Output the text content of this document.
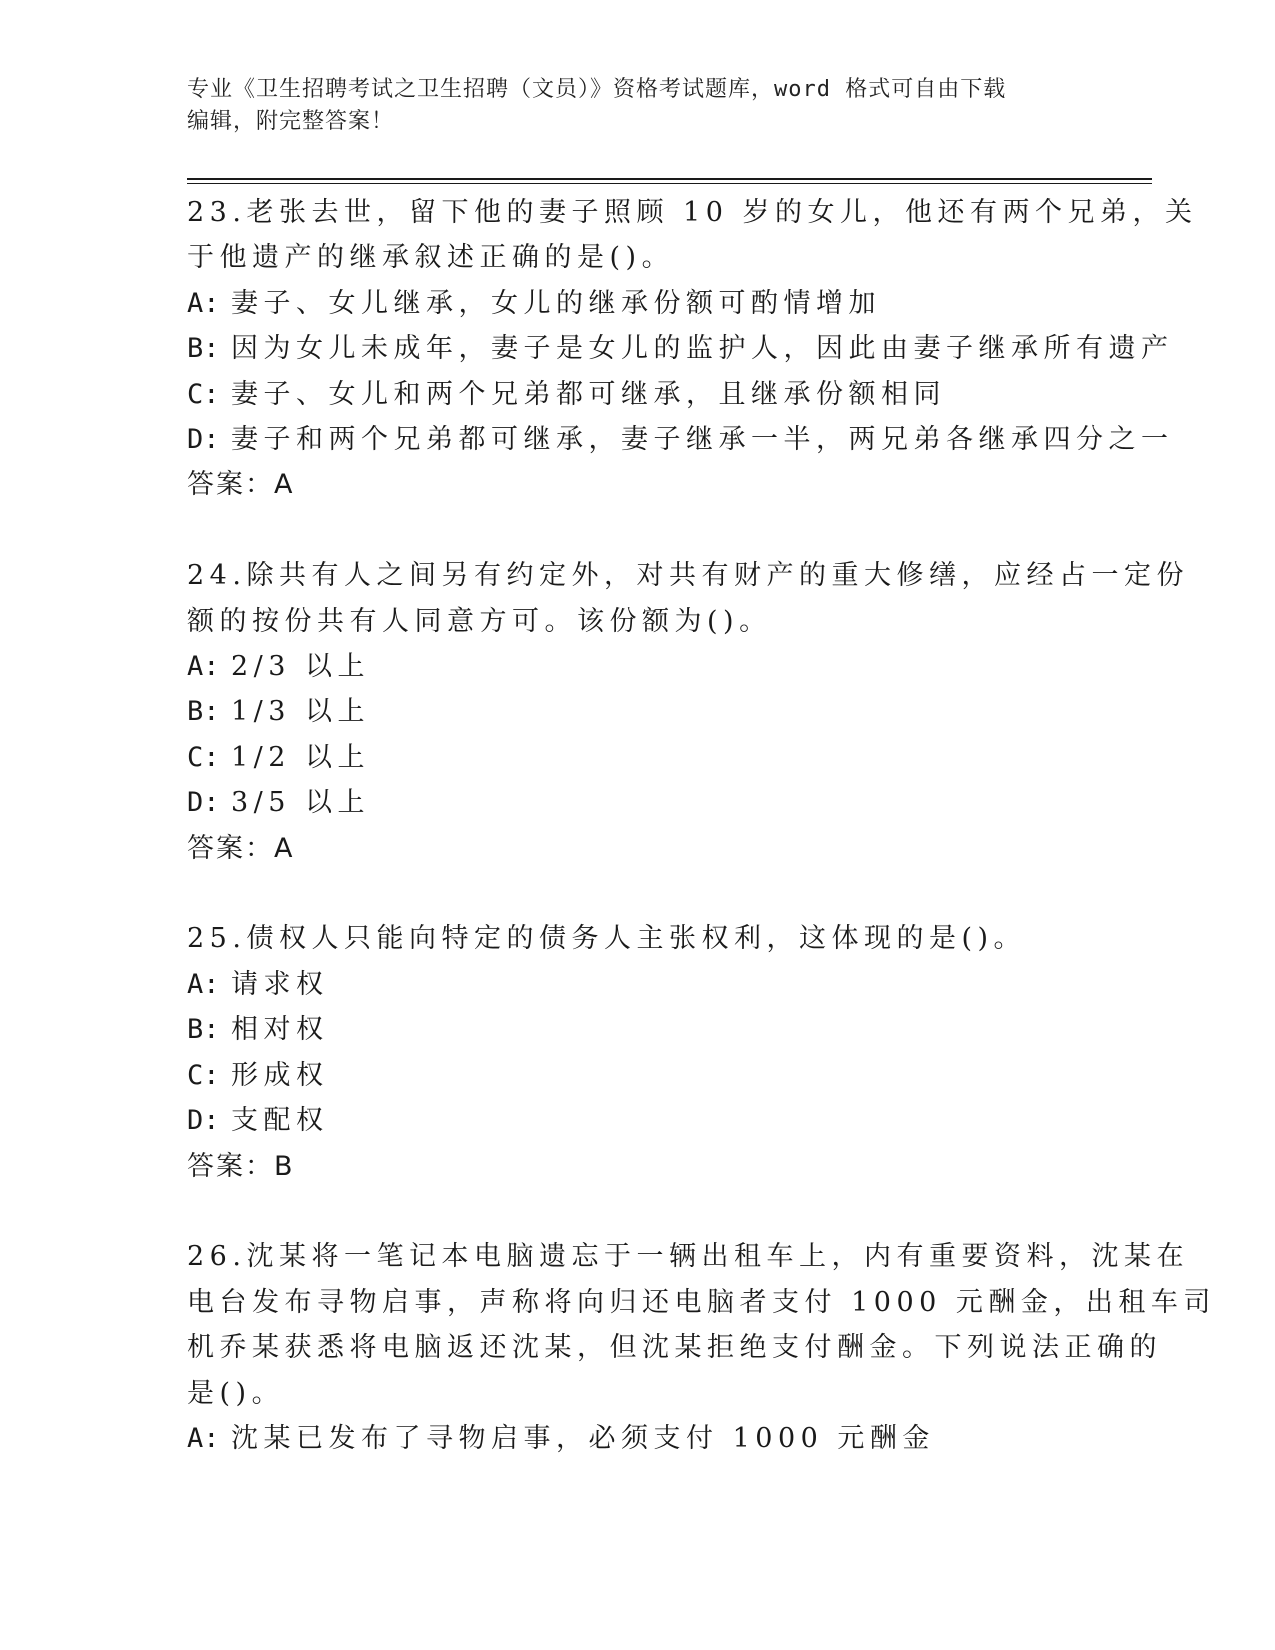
专业《卫生招聘考试之卫生招聘（文员）》资格考试题库，word 格式可自由下载
编辑，附完整答案！
23.老张去世，留下他的妻子照顾 10 岁的女儿，他还有两个兄弟，关
于他遗产的继承叙述正确的是()。
A: 妻子、女儿继承，女儿的继承份额可酌情增加
B: 因为女儿未成年，妻子是女儿的监护人，因此由妻子继承所有遗产
C: 妻子、女儿和两个兄弟都可继承，且继承份额相同
D: 妻子和两个兄弟都可继承，妻子继承一半，两兄弟各继承四分之一
答案：A
24.除共有人之间另有约定外，对共有财产的重大修缮，应经占一定份
额的按份共有人同意方可。该份额为()。
A: 2/3 以上
B: 1/3 以上
C: 1/2 以上
D: 3/5 以上
答案：A
25.债权人只能向特定的债务人主张权利，这体现的是()。
A: 请求权
B: 相对权
C: 形成权
D: 支配权
答案：B
26.沈某将一笔记本电脑遗忘于一辆出租车上，内有重要资料，沈某在
电台发布寻物启事，声称将向归还电脑者支付 1000 元酬金，出租车司
机乔某获悉将电脑返还沈某，但沈某拒绝支付酬金。下列说法正确的
是()。
A: 沈某已发布了寻物启事，必须支付 1000 元酬金
